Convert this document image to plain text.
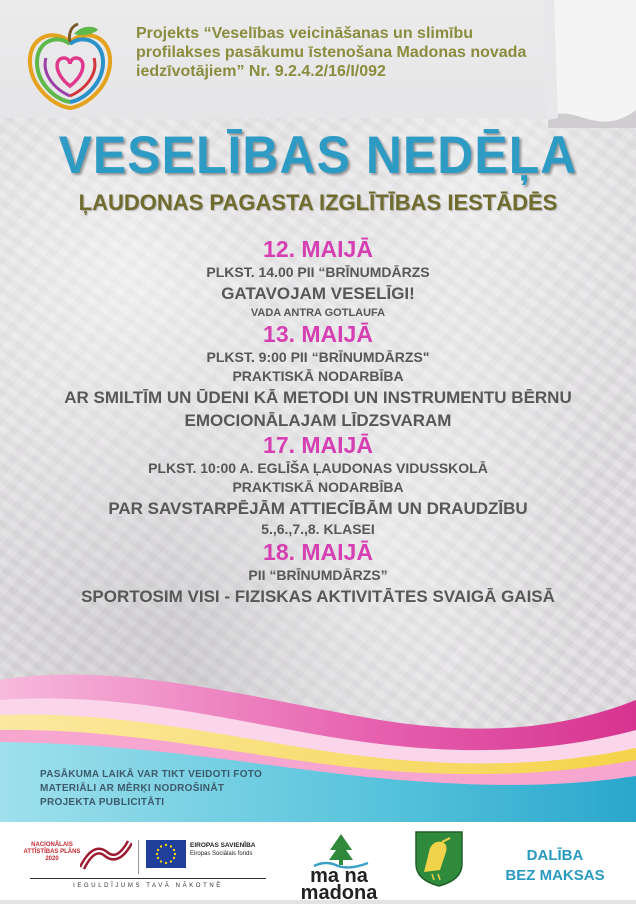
Projekts “Veselības veicināšanas un slimību profilakses pasākumu īstenošana Madonas novada iedzīvotājiem” Nr. 9.2.4.2/16/I/092
VESELĪBAS NEDĒĻA
ĻAUDONAS PAGASTA IZGLĪTĪBAS IESTĀDĒS
12. MAIJĀ
PLKST. 14.00 PII “BRĪNUMDĀRZS
GATAVOJAM VESELĪGI!
VADA ANTRA GOTLAUFA
13. MAIJĀ
PLKST. 9:00 PII “BRĪNUMDĀRZS"
PRAKTISKĀ NODARBĪBA
AR SMILTĪM UN ŪDENI KĀ METODI UN INSTRUMENTU BĒRNU
EMOCIONĀLAJAM LĪDZSVARAM
17. MAIJĀ
PLKST. 10:00 A. EGLĪŠA ĻAUDONAS VIDUSSKOLĀ
PRAKTISKĀ NODARBĪBA
PAR SAVSTARPĒJĀM ATTIECĪBĀM UN DRAUDZĪBU
5.,6.,7.,8. KLASEI
18. MAIJĀ
PII “BRĪNUMDĀRZS”
SPORTOSIM VISI - FIZISKAS AKTIVITĀTES SVAIGĀ GAISĀ
PASĀKUMA LAIKĀ VAR TIKT VEIDOTI FOTO MATERIĀLI AR MĒRĶI NODROŠINĀT PROJEKTA PUBLICITĀTI
NACIONĀLAIS ATTĪSTĪBAS PLĀNS 2020
EIROPAS SAVIENĪBA
Eiropas Sociālais fonds
IEGULDĪJUMS TAVĀ NĀKOTNĒ	ma na
madona
DALĪBA
BEZ MAKSAS
